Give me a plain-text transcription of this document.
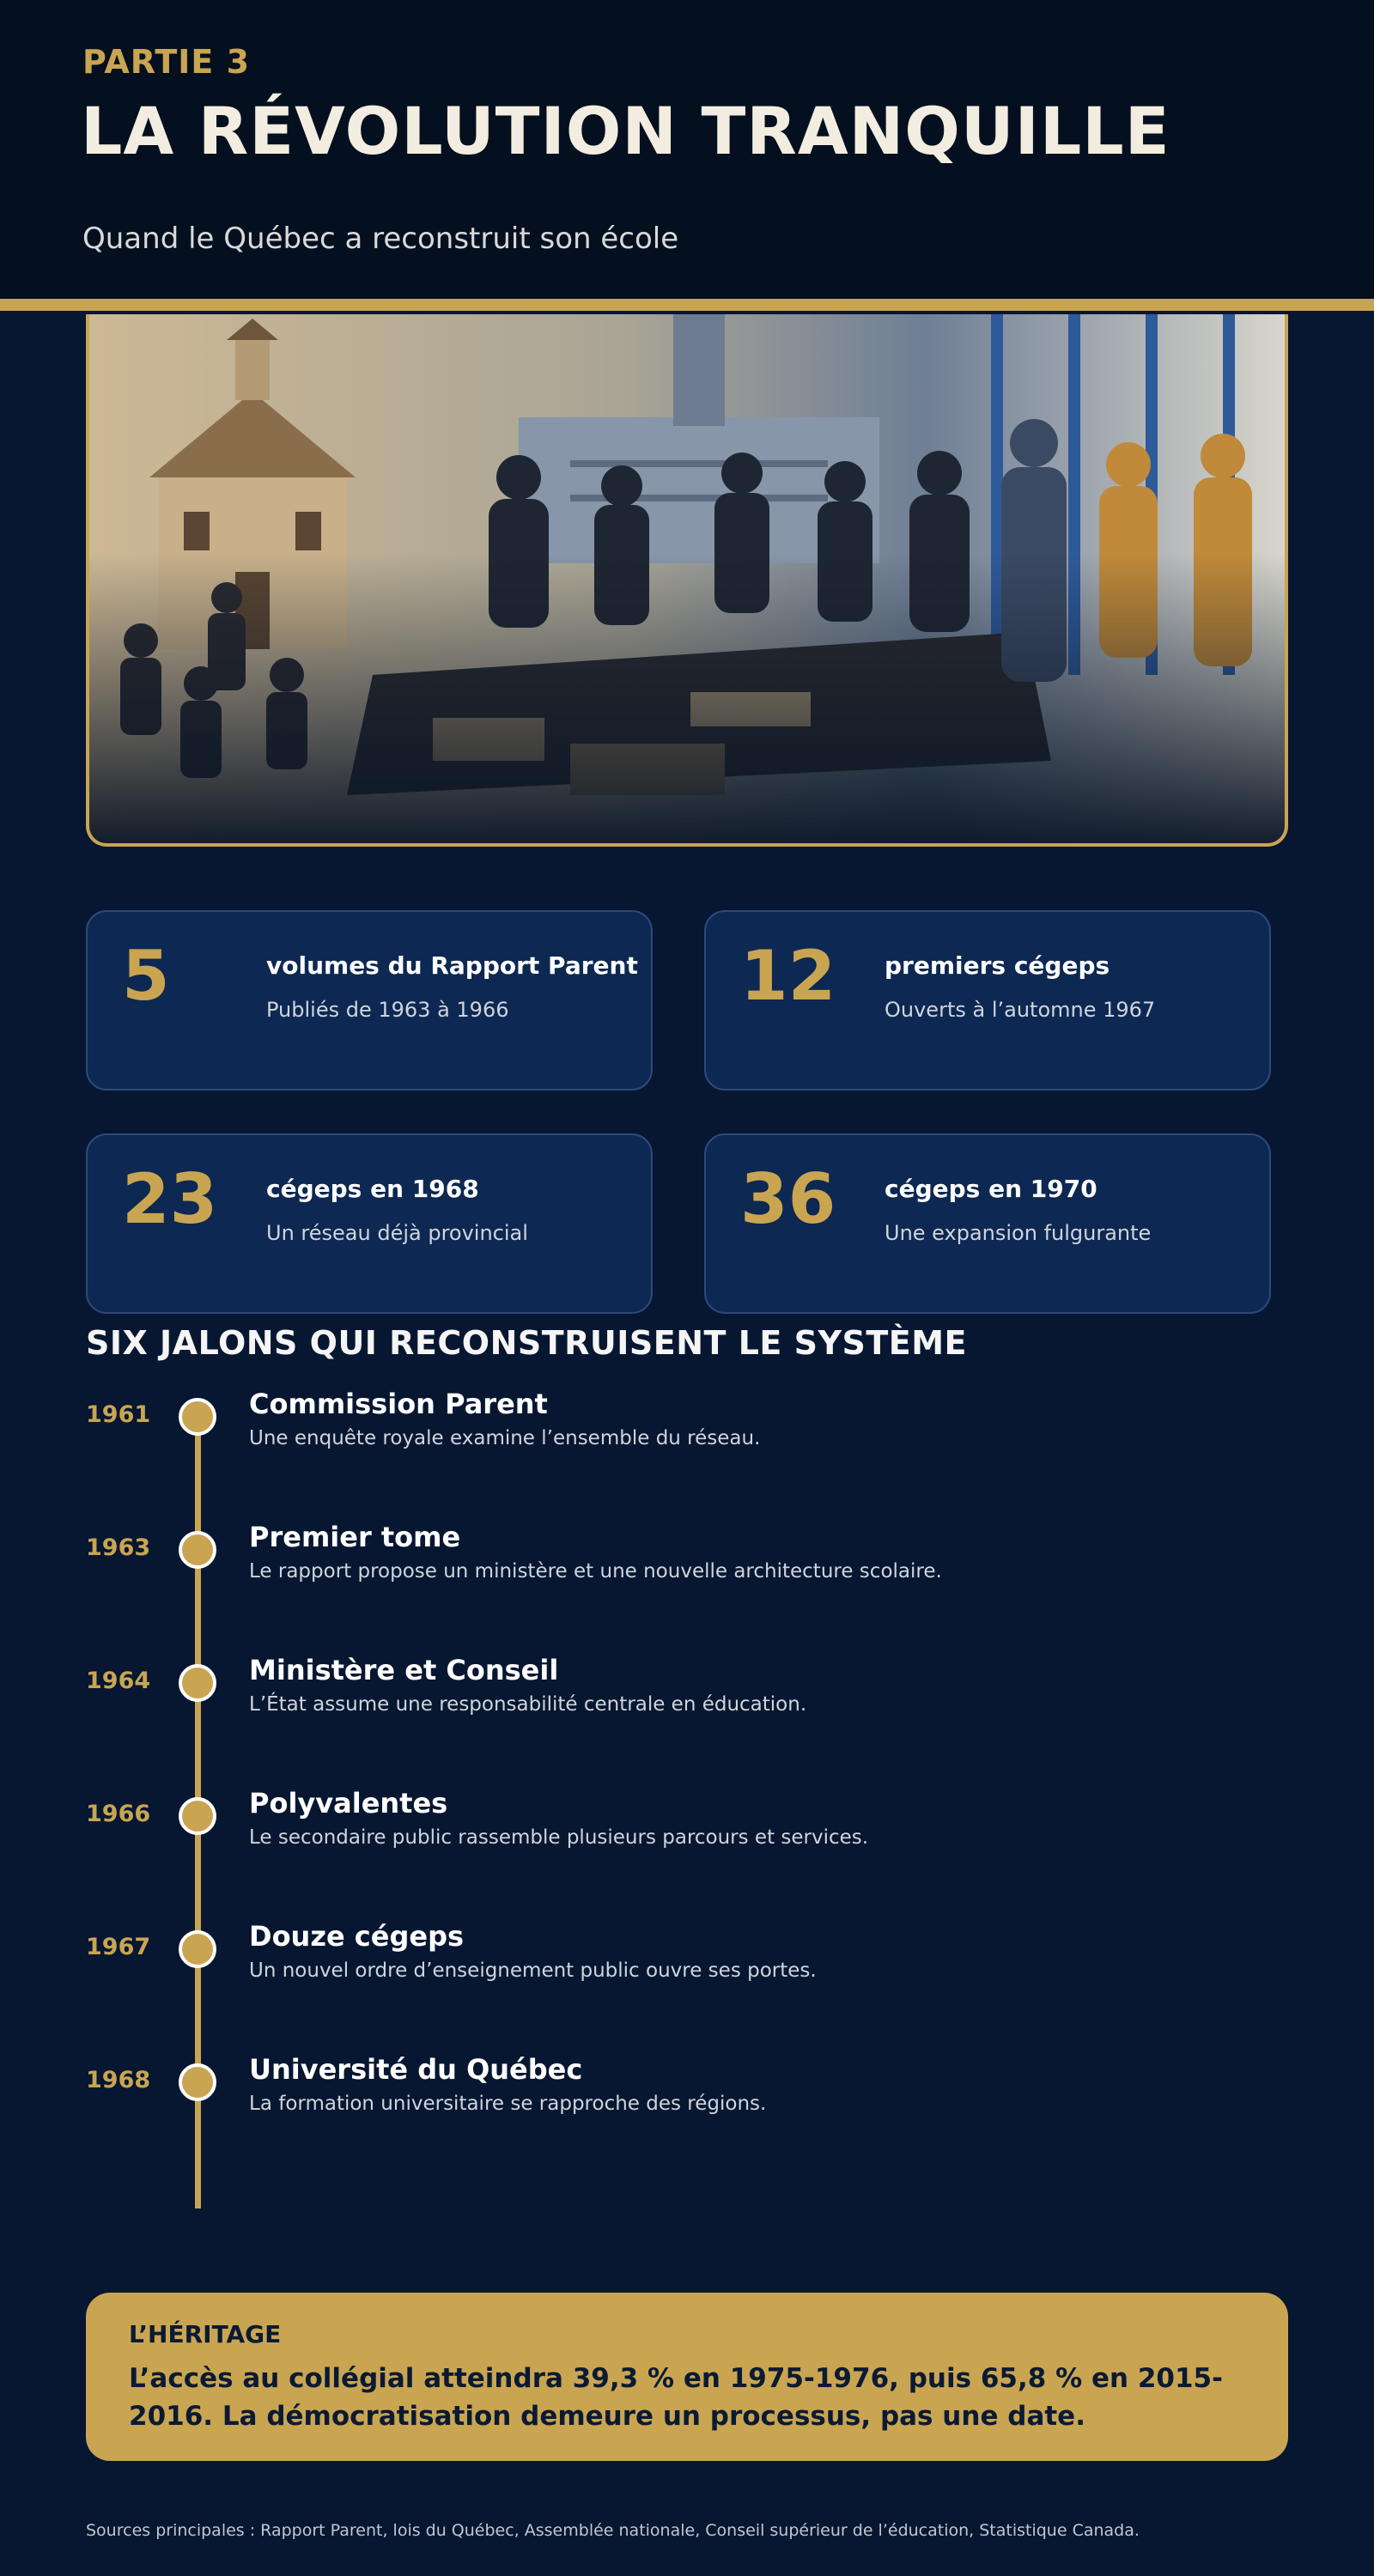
PARTIE 3
LA RÉVOLUTION TRANQUILLE
Quand le Québec a reconstruit son école
5	volumes du Rapport Parent
Publiés de 1963 à 1966	12 premiers cégeps
Ouverts à l’automne 1967
23 cégeps en 1968
Un réseau déjà provincial	36 cégeps en 1970
Une expansion fulgurante
SIX JALONS QUI RECONSTRUISENT LE SYSTÈME
1961	Commission Parent
Une enquête royale examine l’ensemble du réseau.
1963	Premier tome
Le rapport propose un ministère et une nouvelle architecture scolaire.
1964	Ministère et Conseil
L’État assume une responsabilité centrale en éducation.
1966	Polyvalentes
Le secondaire public rassemble plusieurs parcours et services.
1967	Douze cégeps
Un nouvel ordre d’enseignement public ouvre ses portes.
1968	Université du Québec
La formation universitaire se rapproche des régions.
L’HÉRITAGE
L’accès au collégial atteindra 39,3 % en 1975-1976, puis 65,8 % en 2015-2016. La démocratisation demeure un processus, pas une date.
Sources principales : Rapport Parent, lois du Québec, Assemblée nationale, Conseil supérieur de l’éducation, Statistique Canada.
